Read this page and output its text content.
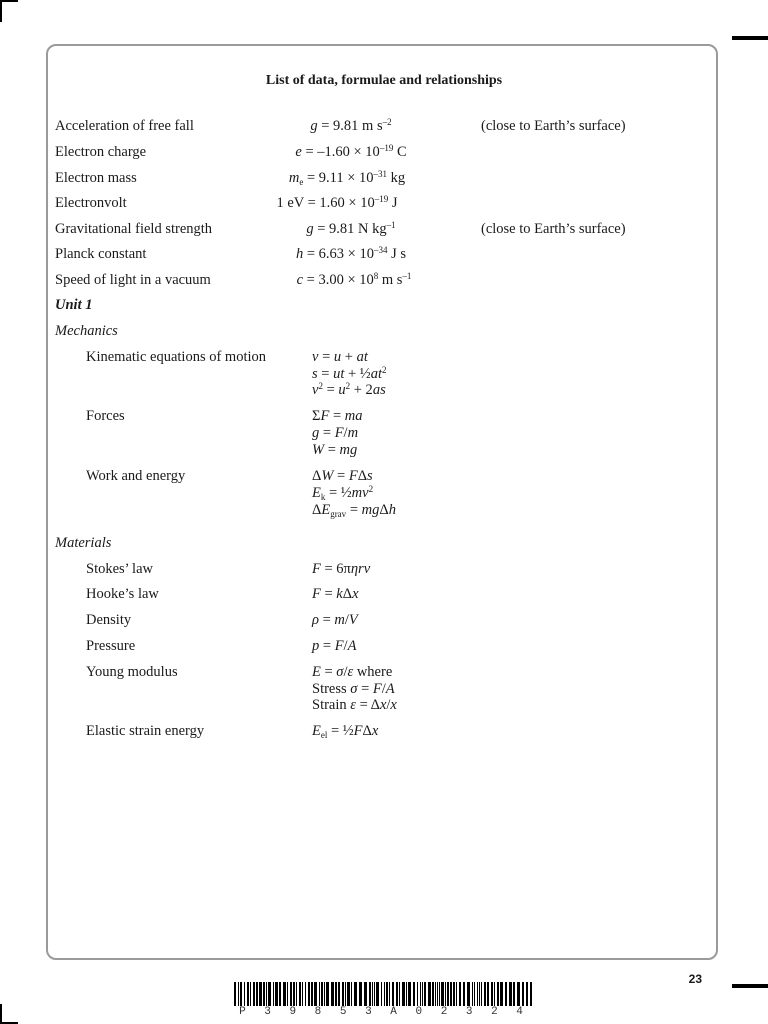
List of data, formulae and relationships
Acceleration of free fall	g = 9.81 m $s^{-2}$	(close to Earth’s surface)
Electron charge	$e = -1.60 \times 10^{-19}$ C
Electron mass	$m_e = 9.11 \times 10^{-31}$ kg
Electronvolt	1 eV = $1.60 \times 10^{-19}$ J
Gravitational field strength	g = 9.81 N $kg^{-1}$	(close to Earth’s surface)
Planck constant	$h = 6.63 \times 10^{-34}$ J s
Speed of light in a vacuum	$c = 3.00 \times 10^8$ m $s^{-1}$
Unit 1
Mechanics
Kinematic equations of motion	v = u + at
s = ut + $\frac{1}{2}at^2$
$v^2 = u^2 + 2as$
Forces	ΣF = ma
g = F/m
W = mg
Work and energy	ΔW = FΔs
$E_k$ = $\frac{1}{2}mv^2$
$\Delta E_{grav} = mg\Delta h$
Materials
Stokes’ law	F = 6πηrv
Hooke’s law	F = kΔx
Density	ρ = m/V
Pressure	p = F/A
Young modulus	E = σ/ε where
Stress σ = F/A
Strain ε = Δx/x
Elastic strain energy	$E_{el}$ = ½FΔx
23
P 3 9 8 5 3 A 0 2 3 2 4
